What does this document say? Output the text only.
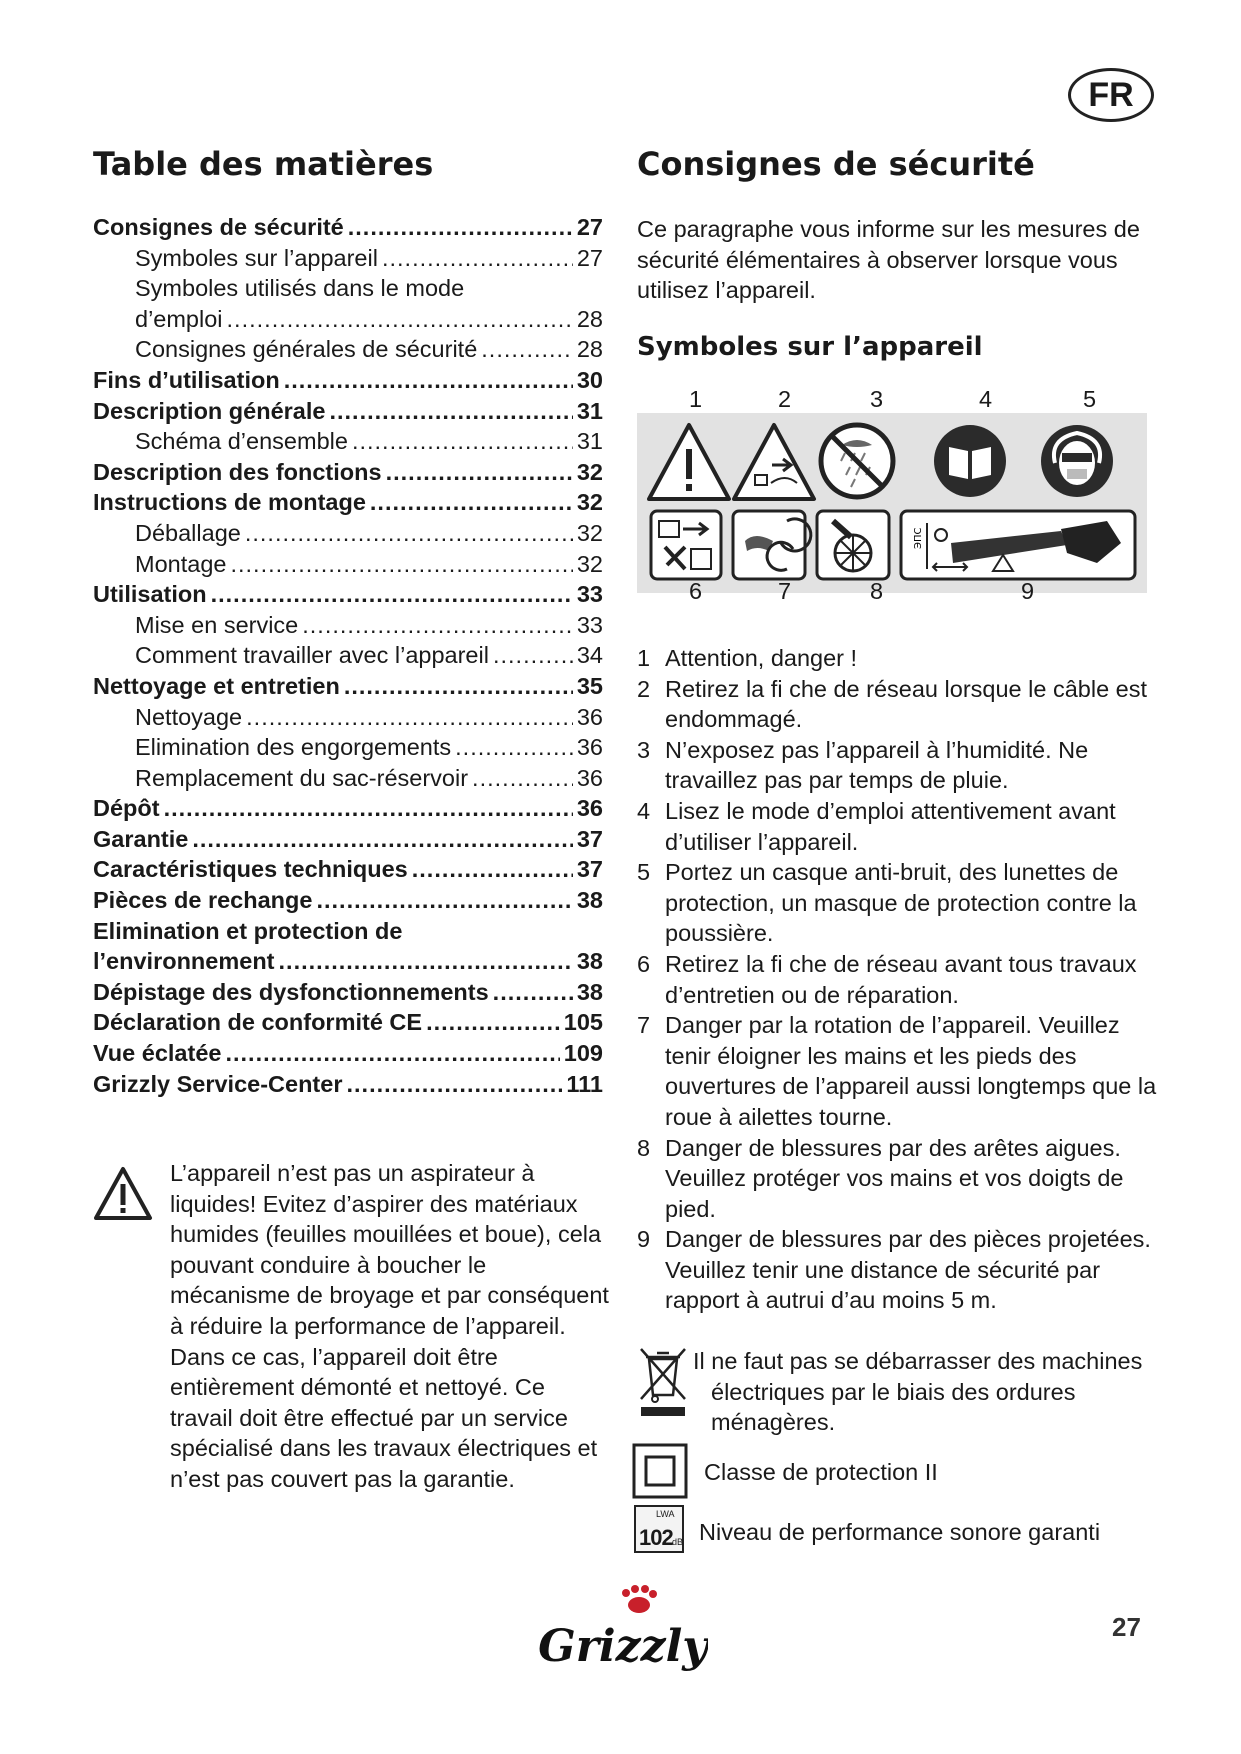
FR
Table des matières
Consignes de sécurité .....	27
Symboles sur l’appareil .....	27
Symboles utilisés dans le mode
d’emploi .....	28
Consignes générales de sécurité .....	28
Fins d’utilisation .....	30
Description générale .....	31
Schéma d’ensemble .....	31
Description des fonctions .....	32
Instructions de montage .....	32
Déballage .....	32
Montage .....	32
Utilisation .....	33
Mise en service .....	33
Comment travailler avec l’appareil .....	34
Nettoyage et entretien .....	35
Nettoyage .....	36
Elimination des engorgements .....	36
Remplacement du sac-réservoir .....	36
Dépôt .....	36
Garantie .....	37
Caractéristiques techniques .....	37
Pièces de rechange .....	38
Elimination et protection de
l’environnement .....	38
Dépistage des dysfonctionnements .....	38
Déclaration de conformité CE .....	105
Vue éclatée .....	109
Grizzly Service-Center .....	111

L’appareil n’est pas un aspirateur à liquides! Evitez d’aspirer des matériaux humides (feuilles mouillées et boue), cela pouvant conduire à boucher le mécanisme de broyage et par conséquent à réduire la performance de l’appareil. Dans ce cas, l’appareil doit être entièrement démonté et nettoyé. Ce travail doit être effectué par un service spécialisé dans les travaux électriques et n’est pas couvert pas la garantie.

Consignes de sécurité

Ce paragraphe vous informe sur les mesures de sécurité élémentaires à observer lorsque vous utilisez l’appareil.

Symboles sur l’appareil
1	2	3	4	5
ЭПС
6	7	8	9
1 Attention, danger !
2 Retirez la fi che de réseau lorsque le câble est endommagé.
3 N’exposez pas l’appareil à l’humidité. Ne travaillez pas par temps de pluie.
4 Lisez le mode d’emploi attentivement avant d’utiliser l’appareil.
5 Portez un casque anti-bruit, des lunettes de protection, un masque de protection contre la poussière.
6 Retirez la fi che de réseau avant tous travaux d’entretien ou de réparation.
7 Danger par la rotation de l’appareil. Veuillez tenir éloigner les mains et les pieds des ouvertures de l’appareil aussi longtemps que la roue à ailettes tourne.
8 Danger de blessures par des arêtes aigues. Veuillez protéger vos mains et vos doigts de pied.
9 Danger de blessures par des pièces projetées. Veuillez tenir une distance de sécurité par rapport à autrui d’au moins 5 m.
Il ne faut pas se débarrasser des machines électriques par le biais des ordures ménagères.
Classe de protection II
LWA
102 dB Niveau de performance sonore garanti
Grizzly	27
